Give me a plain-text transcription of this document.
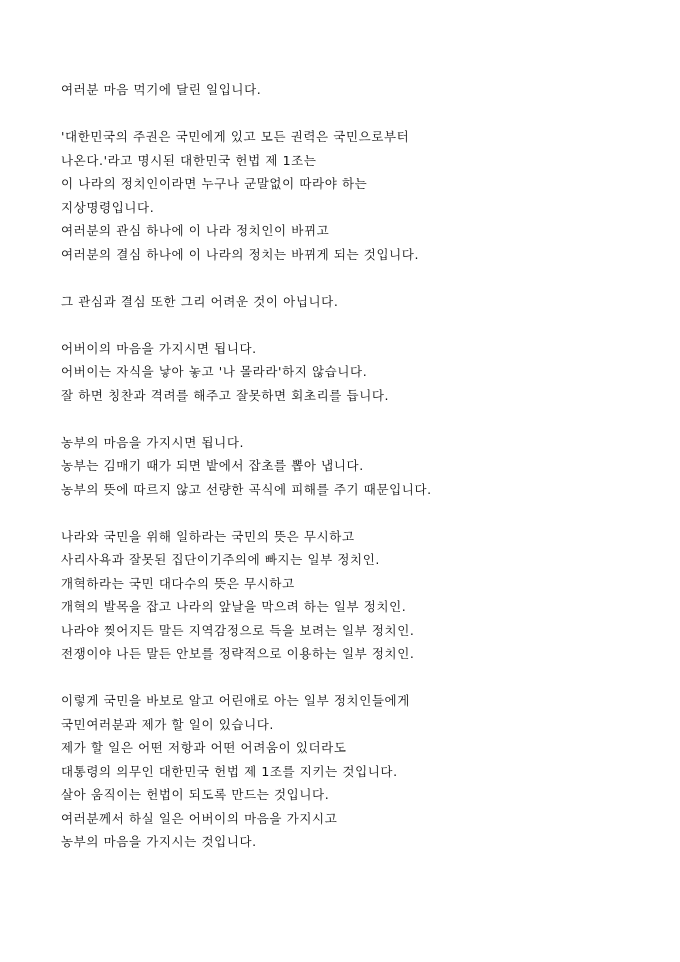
여러분 마음 먹기에 달린 일입니다.
'대한민국의 주권은 국민에게 있고 모든 권력은 국민으로부터
나온다.'라고 명시된 대한민국 헌법 제 1조는
이 나라의 정치인이라면 누구나 군말없이 따라야 하는
지상명령입니다.
여러분의 관심 하나에 이 나라 정치인이 바뀌고
여러분의 결심 하나에 이 나라의 정치는 바뀌게 되는 것입니다.
그 관심과 결심 또한 그리 어려운 것이 아닙니다.
어버이의 마음을 가지시면 됩니다.
어버이는 자식을 낳아 놓고 '나 몰라라'하지 않습니다.
잘 하면 칭찬과 격려를 해주고 잘못하면 회초리를 듭니다.
농부의 마음을 가지시면 됩니다.
농부는 김매기 때가 되면 밭에서 잡초를 뽑아 냅니다.
농부의 뜻에 따르지 않고 선량한 곡식에 피해를 주기 때문입니다.
나라와 국민을 위해 일하라는 국민의 뜻은 무시하고
사리사욕과 잘못된 집단이기주의에 빠지는 일부 정치인.
개혁하라는 국민 대다수의 뜻은 무시하고
개혁의 발목을 잡고 나라의 앞날을 막으려 하는 일부 정치인.
나라야 찢어지든 말든 지역감정으로 득을 보려는 일부 정치인.
전쟁이야 나든 말든 안보를 정략적으로 이용하는 일부 정치인.
이렇게 국민을 바보로 알고 어린애로 아는 일부 정치인들에게
국민여러분과 제가 할 일이 있습니다.
제가 할 일은 어떤 저항과 어떤 어려움이 있더라도
대통령의 의무인 대한민국 헌법 제 1조를 지키는 것입니다.
살아 움직이는 헌법이 되도록 만드는 것입니다.
여러분께서 하실 일은 어버이의 마음을 가지시고
농부의 마음을 가지시는 것입니다.
